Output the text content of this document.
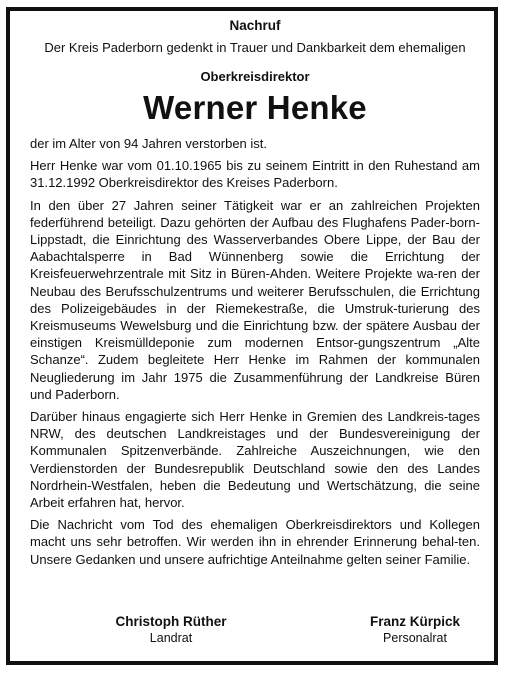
Nachruf

Der Kreis Paderborn gedenkt in Trauer und Dankbarkeit dem ehemaligen

Oberkreisdirektor

Werner Henke

der im Alter von 94 Jahren verstorben ist.

Herr Henke war vom 01.10.1965 bis zu seinem Eintritt in den Ruhestand am 31.12.1992 Oberkreisdirektor des Kreises Paderborn.

In den über 27 Jahren seiner Tätigkeit war er an zahlreichen Projekten federführend beteiligt. Dazu gehörten der Aufbau des Flughafens Pader-born-Lippstadt, die Einrichtung des Wasserverbandes Obere Lippe, der Bau der Aabachtalsperre in Bad Wünnenberg sowie die Errichtung der Kreisfeuerwehrzentrale mit Sitz in Büren-Ahden. Weitere Projekte wa-ren der Neubau des Berufsschulzentrums und weiterer Berufsschulen, die Errichtung des Polizeigebäudes in der Riemekestraße, die Umstruk-turierung des Kreismuseums Wewelsburg und die Einrichtung bzw. der spätere Ausbau der einstigen Kreismülldeponie zum modernen Entsor-gungszentrum „Alte Schanze“. Zudem begleitete Herr Henke im Rahmen der kommunalen Neugliederung im Jahr 1975 die Zusammenführung der Landkreise Büren und Paderborn.

Darüber hinaus engagierte sich Herr Henke in Gremien des Landkreis-tages NRW, des deutschen Landkreistages und der Bundesvereinigung der Kommunalen Spitzenverbände. Zahlreiche Auszeichnungen, wie den Verdienstorden der Bundesrepublik Deutschland sowie den des Landes Nordrhein-Westfalen, heben die Bedeutung und Wertschätzung, die seine Arbeit erfahren hat, hervor.

Die Nachricht vom Tod des ehemaligen Oberkreisdirektors und Kollegen macht uns sehr betroffen. Wir werden ihn in ehrender Erinnerung behal-ten. Unsere Gedanken und unsere aufrichtige Anteilnahme gelten seiner Familie.

Christoph Rüther
Landrat
Franz Kürpick
Personalrat
